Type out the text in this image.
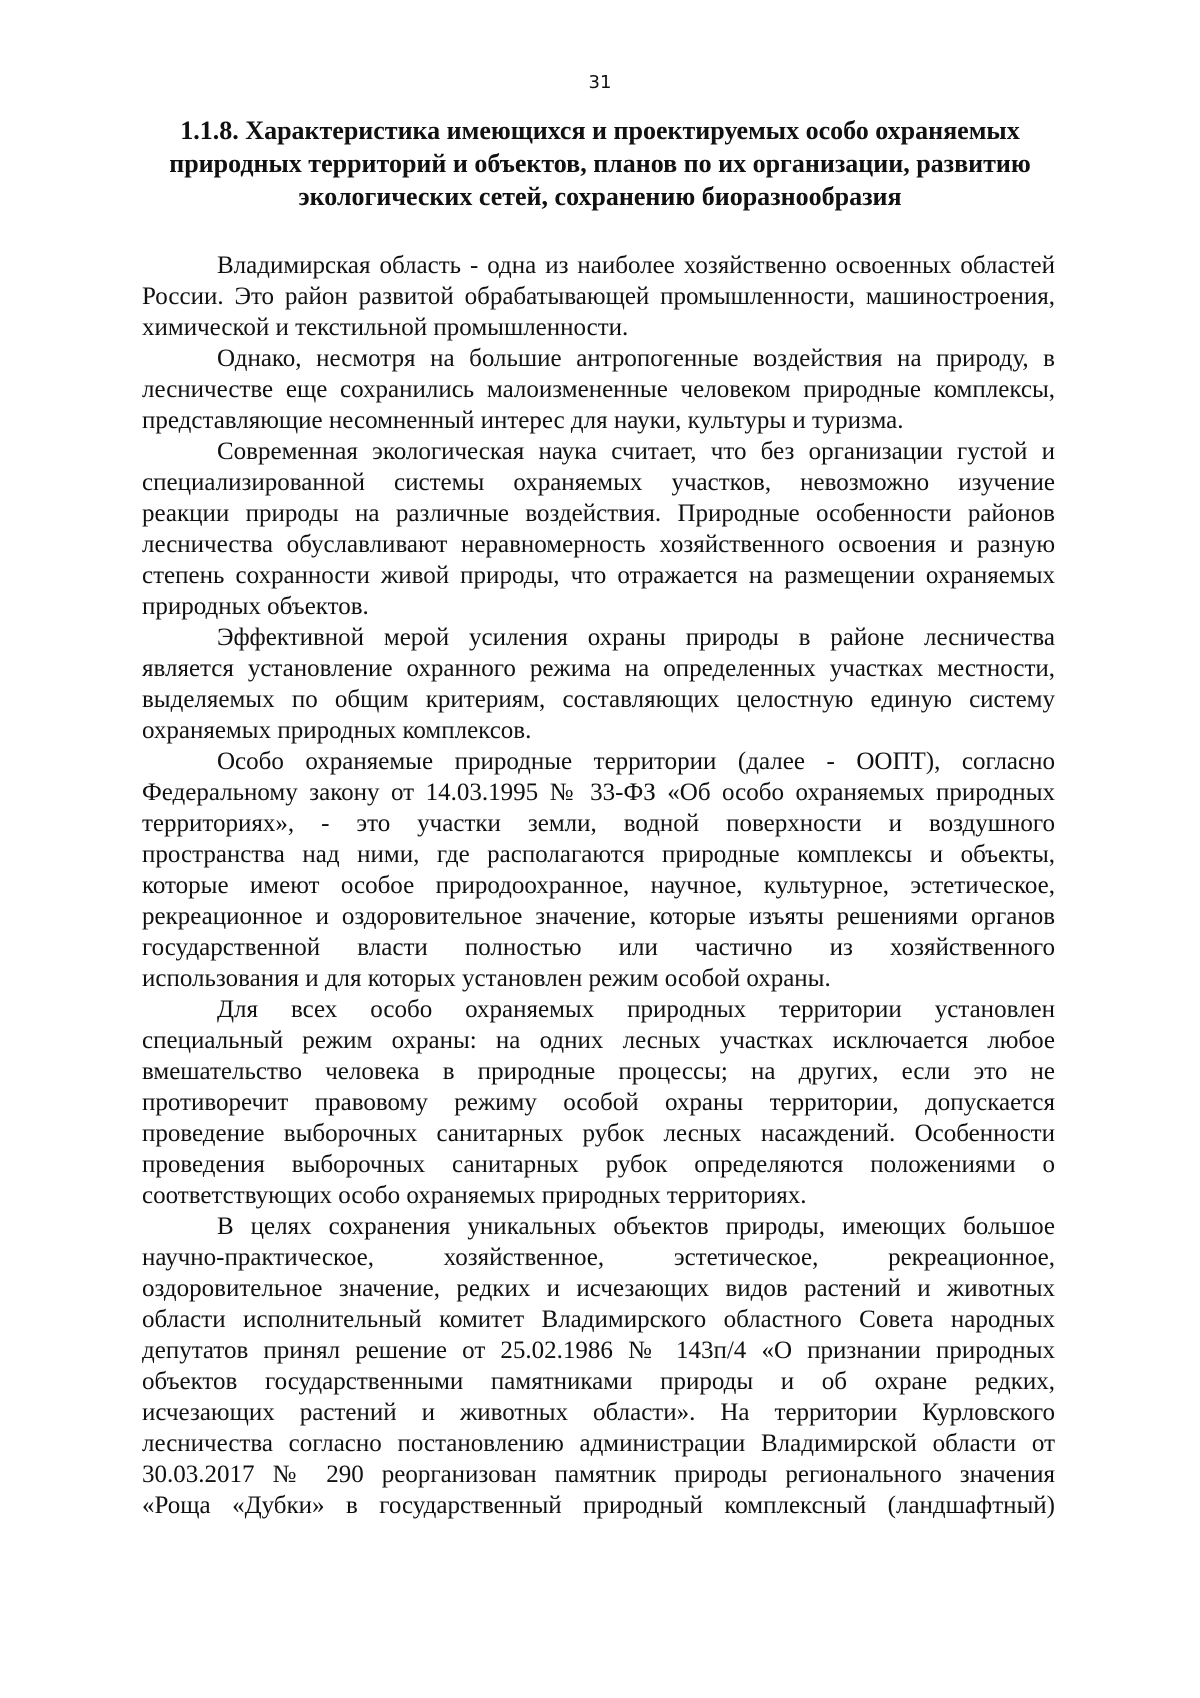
31
1.1.8. Характеристика имеющихся и проектируемых особо охраняемых
природных территорий и объектов, планов по их организации, развитию
экологических сетей, сохранению биоразнообразия

Владимирская область - одна из наиболее хозяйственно освоенных областей
России. Это район развитой обрабатывающей промышленности, машиностроения,
химической и текстильной промышленности.

Однако, несмотря на большие антропогенные воздействия на природу, в
лесничестве еще сохранились малоизмененные человеком природные комплексы,
представляющие несомненный интерес для науки, культуры и туризма.

Современная экологическая наука считает, что без организации густой и
специализированной системы охраняемых участков, невозможно изучение
реакции природы на различные воздействия. Природные особенности районов
лесничества обуславливают неравномерность хозяйственного освоения и разную
степень сохранности живой природы, что отражается на размещении охраняемых
природных объектов.

Эффективной мерой усиления охраны природы в районе лесничества
является установление охранного режима на определенных участках местности,
выделяемых по общим критериям, составляющих целостную единую систему
охраняемых природных комплексов.

Особо охраняемые природные территории (далее - ООПТ), согласно
Федеральному закону от 14.03.1995 № 33-ФЗ «Об особо охраняемых природных
территориях», - это участки земли, водной поверхности и воздушного
пространства над ними, где располагаются природные комплексы и объекты,
которые имеют особое природоохранное, научное, культурное, эстетическое,
рекреационное и оздоровительное значение, которые изъяты решениями органов
государственной власти полностью или частично из хозяйственного
использования и для которых установлен режим особой охраны.

Для всех особо охраняемых природных территории установлен
специальный режим охраны: на одних лесных участках исключается любое
вмешательство человека в природные процессы; на других, если это не
противоречит правовому режиму особой охраны территории, допускается
проведение выборочных санитарных рубок лесных насаждений. Особенности
проведения выборочных санитарных рубок определяются положениями о
соответствующих особо охраняемых природных территориях.

В целях сохранения уникальных объектов природы, имеющих большое
научно-практическое, хозяйственное, эстетическое, рекреационное,
оздоровительное значение, редких и исчезающих видов растений и животных
области исполнительный комитет Владимирского областного Совета народных
депутатов принял решение от 25.02.1986 № 143п/4 «О признании природных
объектов государственными памятниками природы и об охране редких,
исчезающих растений и животных области». На территории Курловского
лесничества согласно постановлению администрации Владимирской области от
30.03.2017 № 290 реорганизован памятник природы регионального значения
«Роща «Дубки» в государственный природный комплексный (ландшафтный)
